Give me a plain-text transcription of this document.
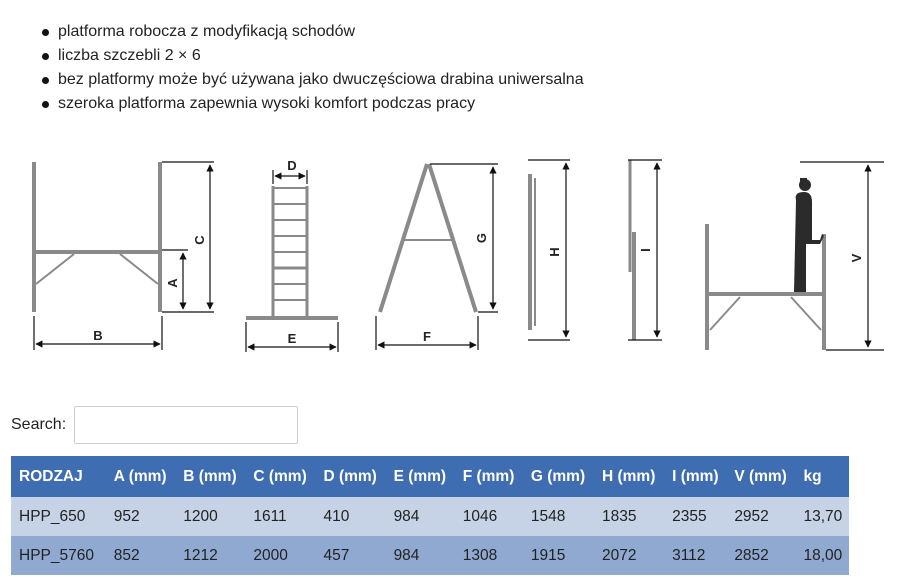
platforma robocza z modyfikacją schodów
liczba szczebli 2 × 6
bez platformy może być używana jako dwuczęściowa drabina uniwersalna
szeroka platforma zapewnia wysoki komfort podczas pracy
B
C
A
D
E
G
F
H	I
V
Search:
RODZAJ	A (mm)	B (mm)	C (mm)	D (mm)	E (mm)	F (mm)	G (mm)	H (mm)	I (mm)	V (mm)	kg
HPP_650	952	1200	1611	410	984	1046	1548	1835	2355	2952	13,70
HPP_5760	852	1212	2000	457	984	1308	1915	2072	3112	2852	18,00
